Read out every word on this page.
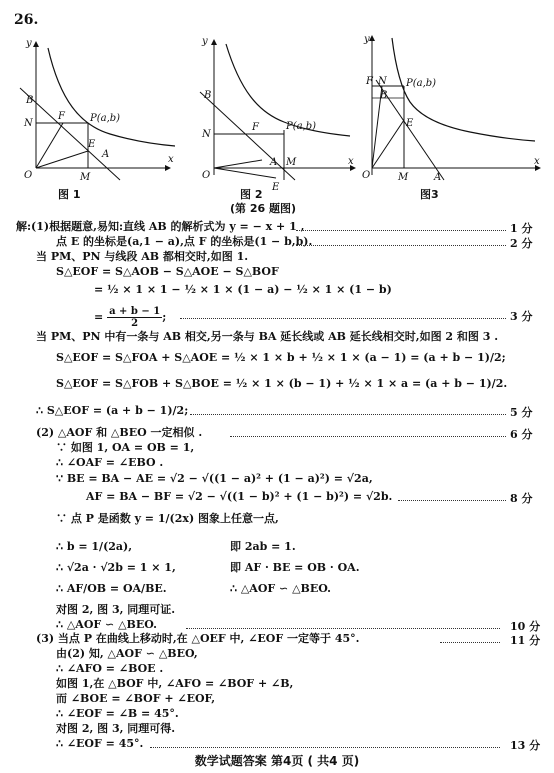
26.
y
x
O
B
N
F	P(a,b)
E
A
M
y
x
O
B
N
F	P(a,b)
A M
E
y
F N P(a,b)
B
E
O	M	A
x
图 1	图 2	图3
(第 26 题图)
解:(1)根据题意,易知:直线 AB 的解析式为 y = − x + 1 ,	1 分
点 E 的坐标是(a,1 − a),点 F 的坐标是(1 − b,b).	2 分
当 PM、PN 与线段 AB 都相交时,如图 1.
S△EOF = S△AOB − S△AOE − S△BOF
= ½ × 1 × 1 − ½ × 1 × (1 − a) − ½ × 1 × (1 − b)
= $\frac{a + b - 1}{2}$ ;	3 分
当 PM、PN 中有一条与 AB 相交,另一条与 BA 延长线或 AB 延长线相交时,如图 2 和图 3 .
S△EOF = S△FOA + S△AOE = ½ × 1 × b + ½ × 1 × (a − 1) = (a + b − 1)/2;
S△EOF = S△FOB + S△BOE = ½ × 1 × (b − 1) + ½ × 1 × a = (a + b − 1)/2.
∴ S△EOF = (a + b − 1)/2;	5 分
(2) △AOF 和 △BEO 一定相似 .	6 分
∵ 如图 1, OA = OB = 1,
∴ ∠OAF = ∠EBO .
∵ BE = BA − AE = √2 − √((1 − a)² + (1 − a)²) = √2a,
AF = BA − BF = √2 − √((1 − b)² + (1 − b)²) = √2b.	8 分
∵ 点 P 是函数 y = 1/(2x) 图象上任意一点,
∴ b = 1/(2a),	即 2ab = 1.
∴ √2a · √2b = 1 × 1,	即 AF · BE = OB · OA.
∴ AF/OB = OA/BE.	∴ △AOF ∽ △BEO.
对图 2, 图 3, 同理可证.
∴ △AOF ∽ △BEO.	10 分
(3) 当点 P 在曲线上移动时,在 △OEF 中, ∠EOF 一定等于 45°.	11 分
由(2) 知, △AOF ∽ △BEO,
∴ ∠AFO = ∠BOE .
如图 1,在 △BOF 中, ∠AFO = ∠BOF + ∠B,
而 ∠BOE = ∠BOF + ∠EOF,
∴ ∠EOF = ∠B = 45°.
对图 2, 图 3, 同理可得.
∴ ∠EOF = 45°.	13 分
数学试题答案 第4页 ( 共4 页)
